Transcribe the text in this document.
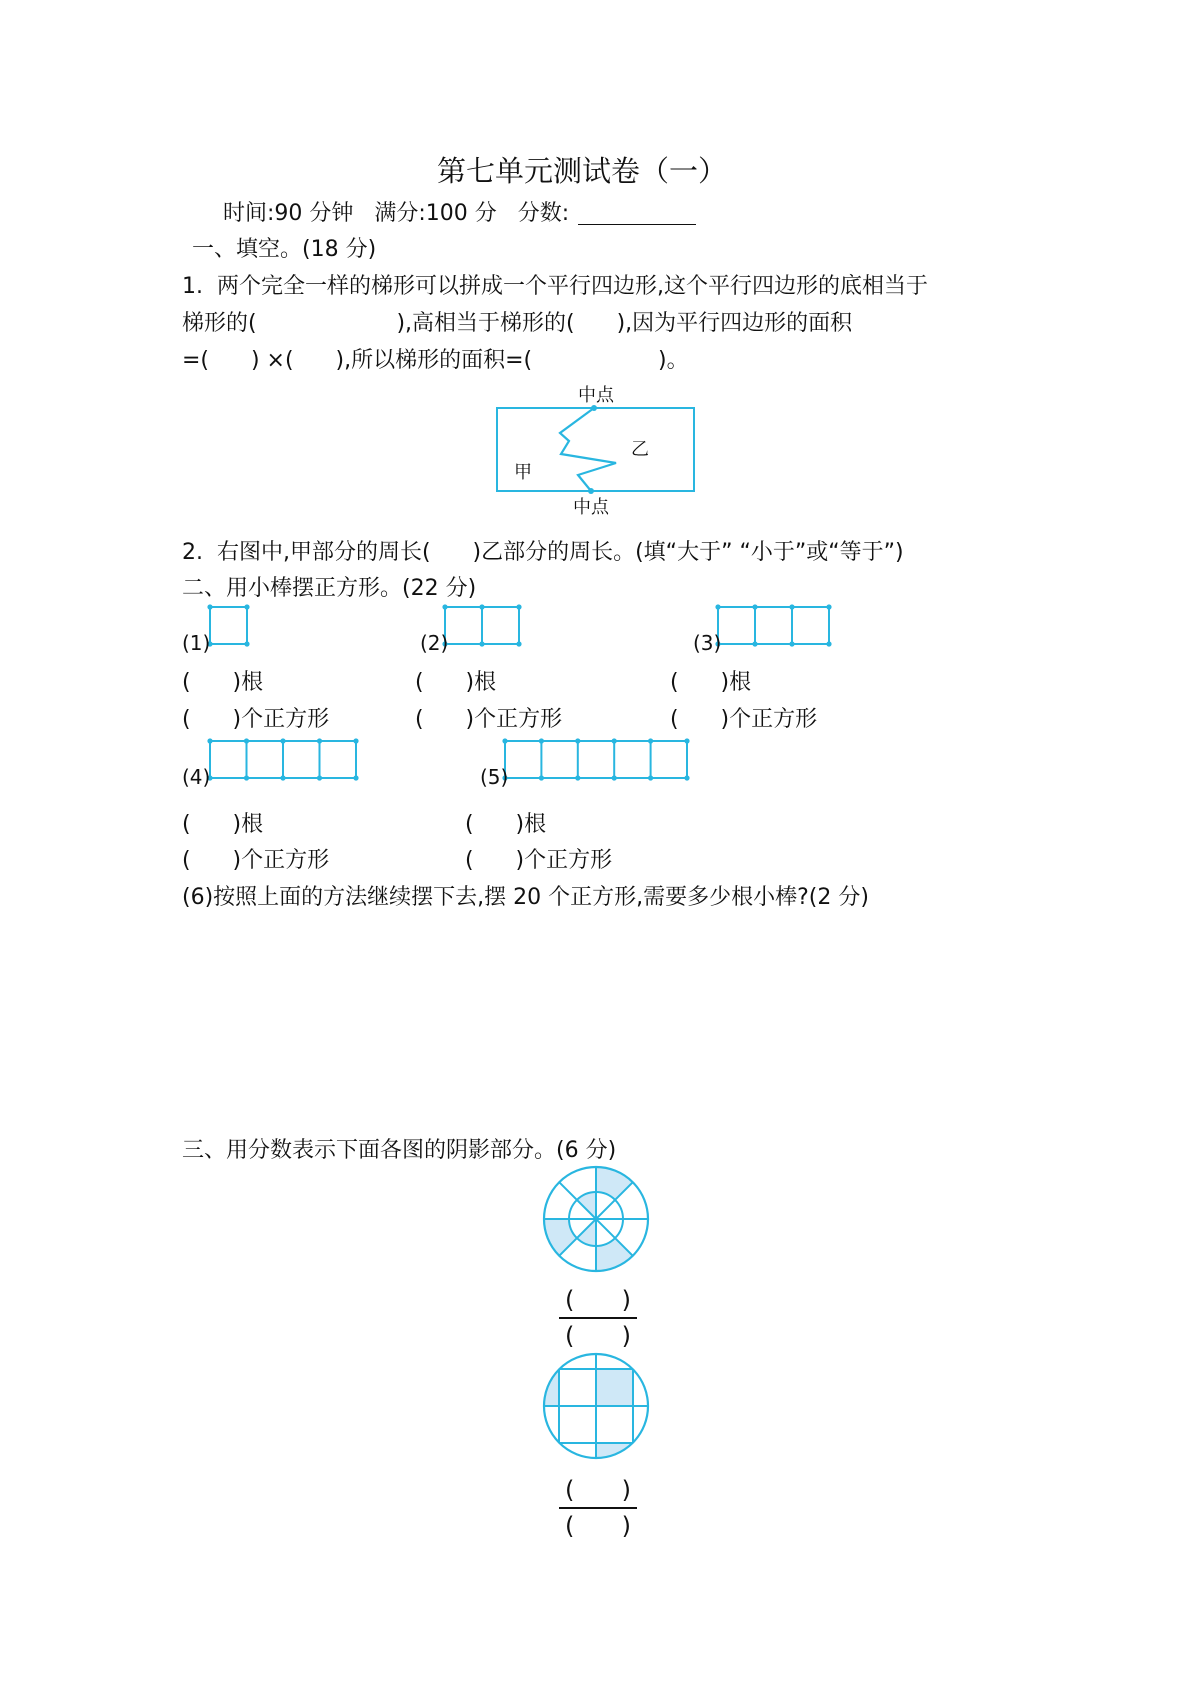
第七单元测试卷（一）
时间:90 分钟   满分:100 分   分数:
一、填空。(18 分)
1.  两个完全一样的梯形可以拼成一个平行四边形,这个平行四边形的底相当于
梯形的(                    ),高相当于梯形的(      ),因为平行四边形的面积
=(      ) ×(      ),所以梯形的面积=(                  )。
中点
中点
甲
乙
2.  右图中,甲部分的周长(      )乙部分的周长。(填“大于” “小于”或“等于”)
二、用小棒摆正方形。(22 分)
(1)	(2)	(3)
(      )根	(      )根	(      )根
(      )个正方形	(      )个正方形	(      )个正方形
(4)	(5)
(      )根	(      )根
(      )个正方形	(      )个正方形
(6)按照上面的方法继续摆下去,摆 20 个正方形,需要多少根小棒?(2 分)
三、用分数表示下面各图的阴影部分。(6 分)
( )
( )
( )
( )
